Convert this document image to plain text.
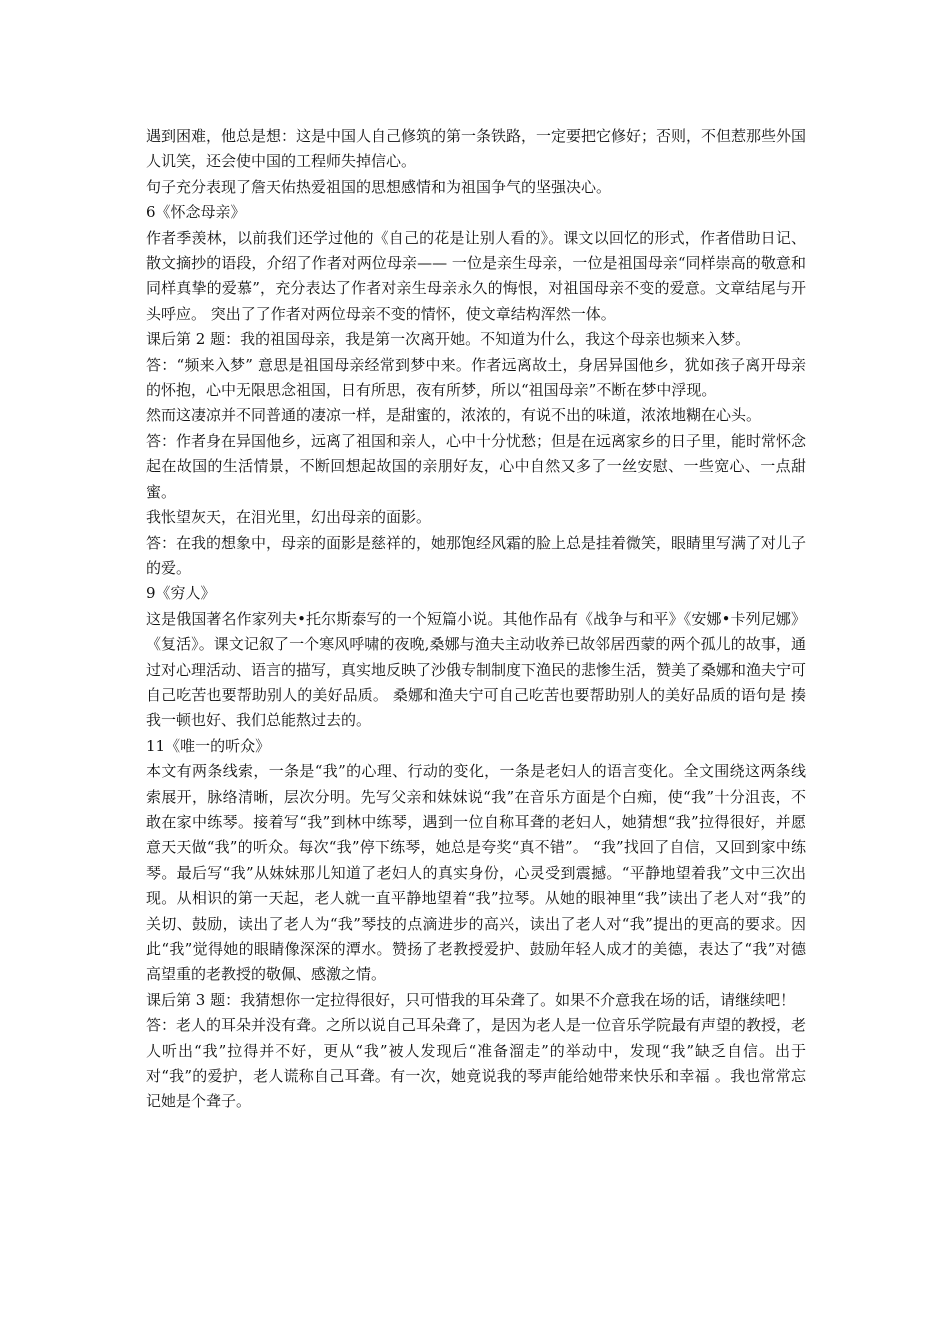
遇到困难，他总是想：这是中国人自己修筑的第一条铁路，一定要把它修好；否则，不但惹那些外国人讥笑，还会使中国的工程师失掉信心。

句子充分表现了詹天佑热爱祖国的思想感情和为祖国争气的坚强决心。

6《怀念母亲》

作者季羡林，以前我们还学过他的《自己的花是让别人看的》。课文以回忆的形式，作者借助日记、散文摘抄的语段，介绍了作者对两位母亲—— 一位是亲生母亲，一位是祖国母亲“同样崇高的敬意和同样真挚的爱慕”，充分表达了作者对亲生母亲永久的悔恨，对祖国母亲不变的爱意。文章结尾与开头呼应。 突出了了作者对两位母亲不变的情怀，使文章结构浑然一体。

课后第 2 题：我的祖国母亲，我是第一次离开她。不知道为什么，我这个母亲也频来入梦。

答：“频来入梦” 意思是祖国母亲经常到梦中来。作者远离故土，身居异国他乡，犹如孩子离开母亲的怀抱，心中无限思念祖国，日有所思，夜有所梦，所以“祖国母亲”不断在梦中浮现。

然而这凄凉并不同普通的凄凉一样，是甜蜜的，浓浓的，有说不出的味道，浓浓地糊在心头。

答：作者身在异国他乡，远离了祖国和亲人，心中十分忧愁；但是在远离家乡的日子里，能时常怀念起在故国的生活情景，不断回想起故国的亲朋好友，心中自然又多了一丝安慰、一些宽心、一点甜蜜。

我怅望灰天，在泪光里，幻出母亲的面影。

答：在我的想象中，母亲的面影是慈祥的，她那饱经风霜的脸上总是挂着微笑，眼睛里写满了对儿子的爱。

9《穷人》

这是俄国著名作家列夫•托尔斯泰写的一个短篇小说。其他作品有《战争与和平》《安娜•卡列尼娜》《复活》。课文记叙了一个寒风呼啸的夜晚,桑娜与渔夫主动收养已故邻居西蒙的两个孤儿的故事，通过对心理活动、语言的描写，真实地反映了沙俄专制制度下渔民的悲惨生活，赞美了桑娜和渔夫宁可自己吃苦也要帮助别人的美好品质。 桑娜和渔夫宁可自己吃苦也要帮助别人的美好品质的语句是 揍我一顿也好、我们总能熬过去的。

11《唯一的听众》

本文有两条线索，一条是“我”的心理、行动的变化，一条是老妇人的语言变化。全文围绕这两条线索展开，脉络清晰，层次分明。先写父亲和妹妹说“我”在音乐方面是个白痴，使“我”十分沮丧，不敢在家中练琴。接着写“我”到林中练琴，遇到一位自称耳聋的老妇人，她猜想“我”拉得很好，并愿意天天做“我”的听众。每次“我”停下练琴，她总是夸奖“真不错”。 “我”找回了自信，又回到家中练琴。最后写“我”从妹妹那儿知道了老妇人的真实身份，心灵受到震撼。“平静地望着我”文中三次出现。从相识的第一天起，老人就一直平静地望着“我”拉琴。从她的眼神里“我”读出了老人对“我”的关切、鼓励，读出了老人为“我”琴技的点滴进步的高兴，读出了老人对“我”提出的更高的要求。因此“我”觉得她的眼睛像深深的潭水。赞扬了老教授爱护、鼓励年轻人成才的美德，表达了“我”对德高望重的老教授的敬佩、感激之情。

课后第 3 题：我猜想你一定拉得很好，只可惜我的耳朵聋了。如果不介意我在场的话，请继续吧！

答：老人的耳朵并没有聋。之所以说自己耳朵聋了，是因为老人是一位音乐学院最有声望的教授，老人听出“我”拉得并不好，更从“我”被人发现后“准备溜走”的举动中，发现“我”缺乏自信。出于对“我”的爱护，老人谎称自己耳聋。有一次，她竟说我的琴声能给她带来快乐和幸福 。我也常常忘记她是个聋子。
